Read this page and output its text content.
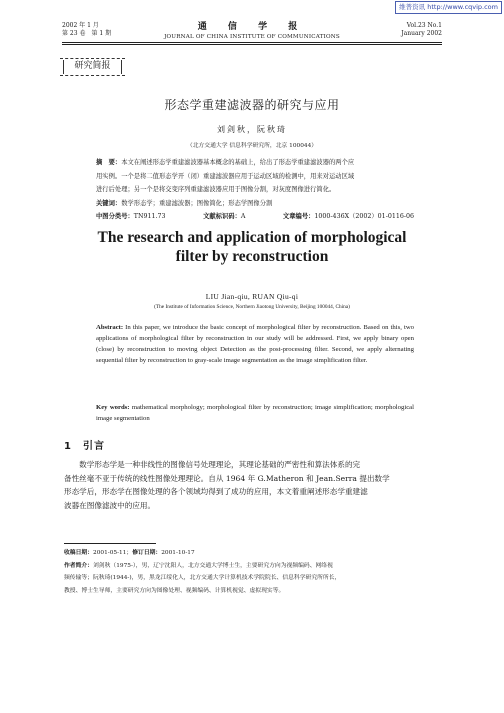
维普资讯 http://www.cqvip.com
2002 年 1 月
第 23 卷　第 1 期
通 信 学 报
JOURNAL OF CHINA INSTITUTE OF COMMUNICATIONS
Vol.23 No.1
January 2002
研究简报
形态学重建滤波器的研究与应用
刘剑秋，阮秋琦
（北方交通大学 信息科学研究所，北京 100044）
摘　要：本文在阐述形态学重建滤波器基本概念的基础上，给出了形态学重建滤波器的两个应
用实例。一个是将二值形态学开（闭）重建滤波器应用于运动区域的检测中，用来对运动区域
进行后处理；另一个是将交变序列重建滤波器应用于图像分割，对灰度图像进行简化。
关键词：数学形态学；重建滤波器；图像简化；形态学图像分割
中图分类号：TN911.73	文献标识码：A	文章编号：1000-436X（2002）01-0116-06
The research and application of morphological
filter by reconstruction
LIU Jian-qiu, RUAN Qiu-qi
(The Institute of Information Science, Northern Jiaotong University, Beijing 100044, China)
Abstract: In this paper, we introduce the basic concept of morphological filter by reconstruction. Based on this, two applications of morphological filter by reconstruction in our study will be addressed. First, we apply binary open (close) by reconstruction to moving object Detection as the post-processing filter. Second, we apply alternating sequential filter by reconstruction to gray-scale image segmentation as the image simplification filter.
Key words: mathematical morphology; morphological filter by reconstruction; image simplification; morphological image segmentation
1　 引言
　　数学形态学是一种非线性的图像信号处理理论，其理论基础的严密性和算法体系的完
备性丝毫不亚于传统的线性图像处理理论。自从 1964 年 G.Matheron 和 Jean.Serra 提出数学
形态学后，形态学在图像处理的各个领域均得到了成功的应用，本文着重阐述形态学重建滤
波器在图像滤波中的应用。
收稿日期：2001-05-11；修订日期：2001-10-17
作者简介：刘剑秋（1975-），男，辽宁沈阳人，北方交通大学博士生，主要研究方向为视频编码、网络视
频传输等；阮秋琦(1944-)，男，黑龙江绥化人，北方交通大学计算机技术学院院长、信息科学研究所所长，
教授、博士生导师，主要研究方向为图像处理、视频编码、计算机视觉、虚拟现实等。
